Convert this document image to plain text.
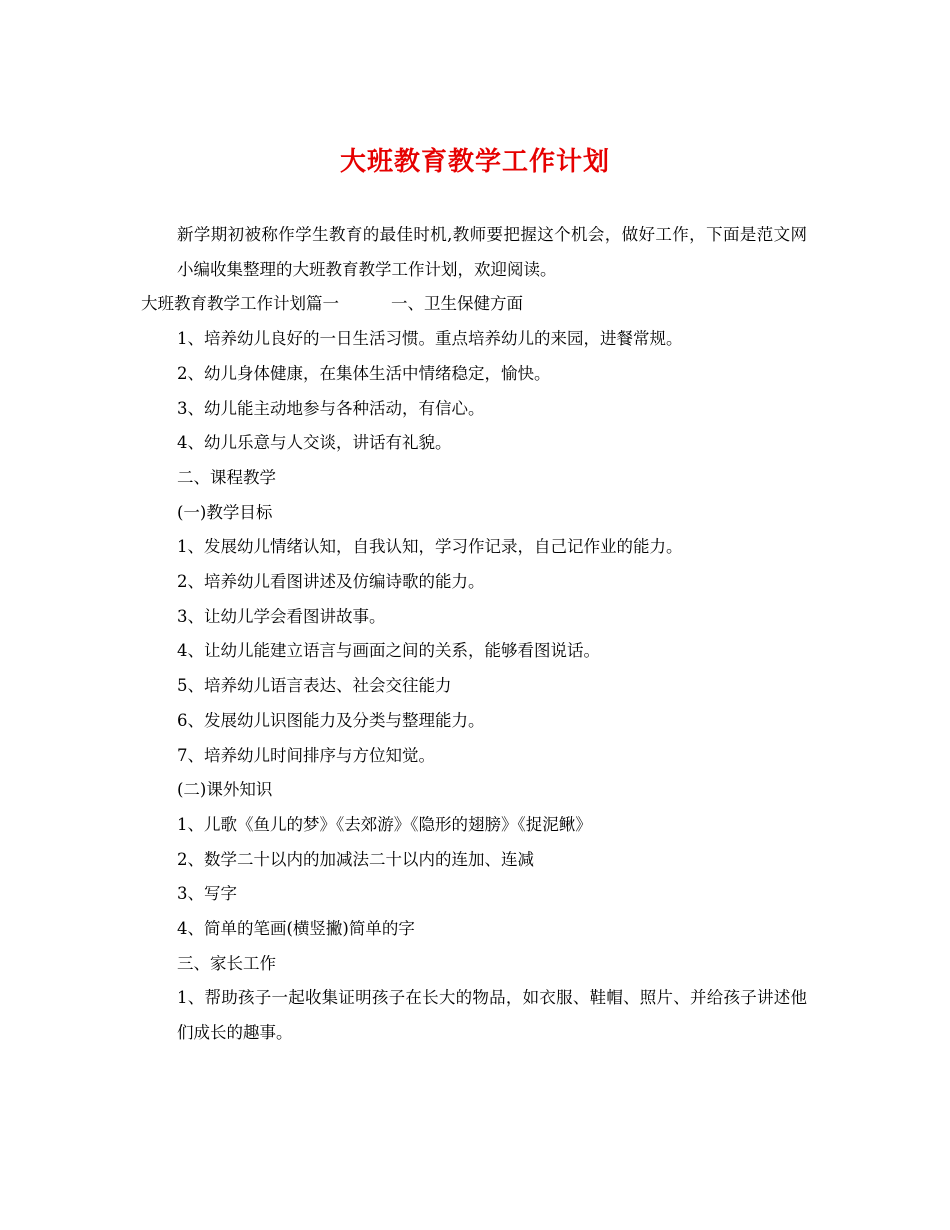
大班教育教学工作计划

新学期初被称作学生教育的最佳时机,教师要把握这个机会，做好工作，下面是范文网小编收集整理的大班教育教学工作计划，欢迎阅读。

大班教育教学工作计划篇一	一、卫生保健方面

1、培养幼儿良好的一日生活习惯。重点培养幼儿的来园，进餐常规。

2、幼儿身体健康，在集体生活中情绪稳定，愉快。

3、幼儿能主动地参与各种活动，有信心。

4、幼儿乐意与人交谈，讲话有礼貌。

二、课程教学

(一)教学目标

1、发展幼儿情绪认知，自我认知，学习作记录，自己记作业的能力。

2、培养幼儿看图讲述及仿编诗歌的能力。

3、让幼儿学会看图讲故事。

4、让幼儿能建立语言与画面之间的关系，能够看图说话。

5、培养幼儿语言表达、社会交往能力

6、发展幼儿识图能力及分类与整理能力。

7、培养幼儿时间排序与方位知觉。

(二)课外知识

1、儿歌《鱼儿的梦》《去郊游》《隐形的翅膀》《捉泥鳅》

2、数学二十以内的加减法二十以内的连加、连减

3、写字

4、简单的笔画(横竖撇)简单的字

三、家长工作

1、帮助孩子一起收集证明孩子在长大的物品，如衣服、鞋帽、照片、并给孩子讲述他们成长的趣事。
